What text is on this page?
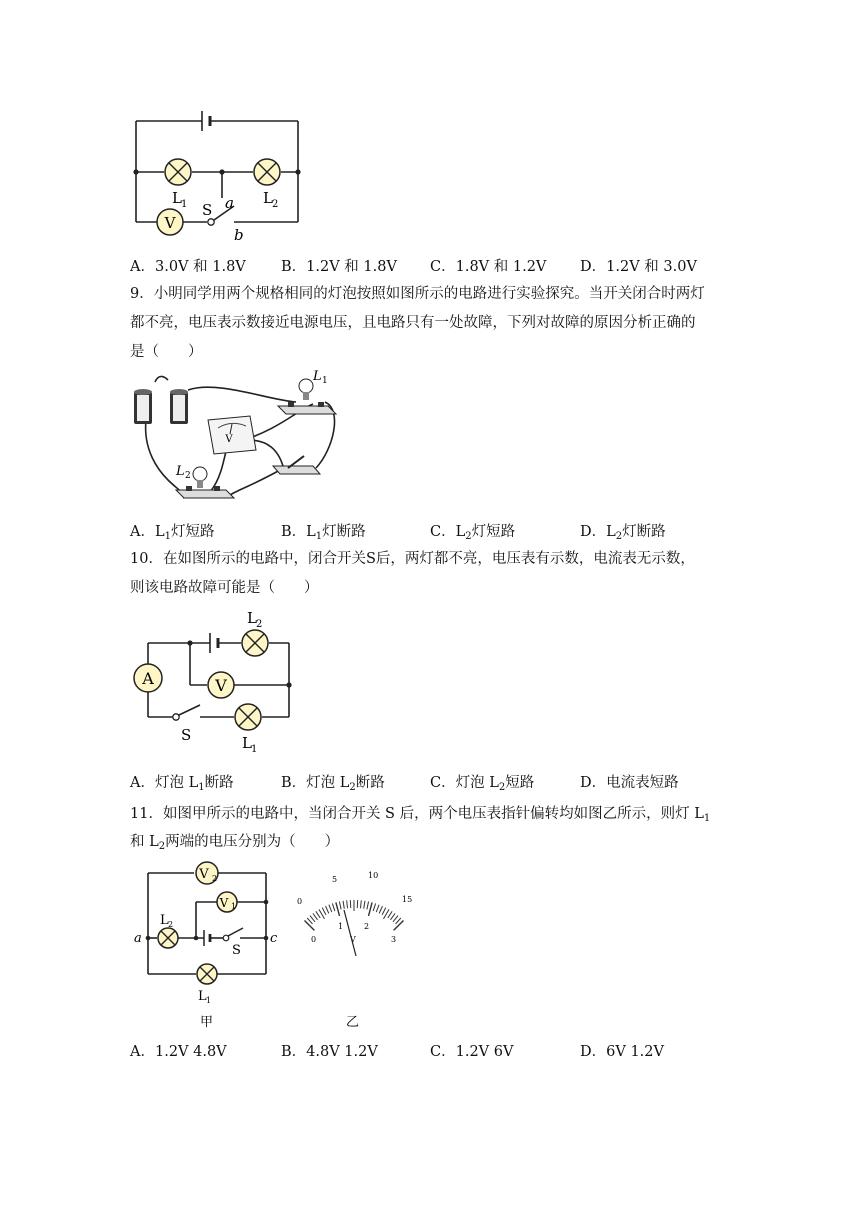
V
L 1	L 2
S a
b
A．3.0V 和 1.8V B．1.2V 和 1.8V C．1.8V 和 1.2V D．1.2V 和 3.0V
9．小明同学用两个规格相同的灯泡按照如图所示的电路进行实验探究。当开关闭合时两灯
都不亮，电压表示数接近电源电压，且电路只有一处故障，下列对故障的原因分析正确的
是（　　）
L 1
V
L 2
A．$L_1$灯短路	B．$L_1$灯断路	C．$L_2$灯短路	D．$L_2$灯断路
10．在如图所示的电路中，闭合开关S后，两灯都不亮，电压表有示数，电流表无示数，
则该电路故障可能是（　　）
A	V
L 2
S	L 1
A．灯泡 $L_1$断路	B．灯泡 $L_2$断路	C．灯泡 $L_2$短路	D．电流表短路
11．如图甲所示的电路中，当闭合开关 S 后，两个电压表指针偏转均如图乙所示，则灯 $L_1$
和 $L_2$两端的电压分别为（　　）
V 2
V 1
L 2
a	c
S
L 1
甲
0
5	10
15
0
1	2
3
V
乙
A．1.2V 4.8V	B．4.8V 1.2V	C．1.2V 6V	D．6V 1.2V
